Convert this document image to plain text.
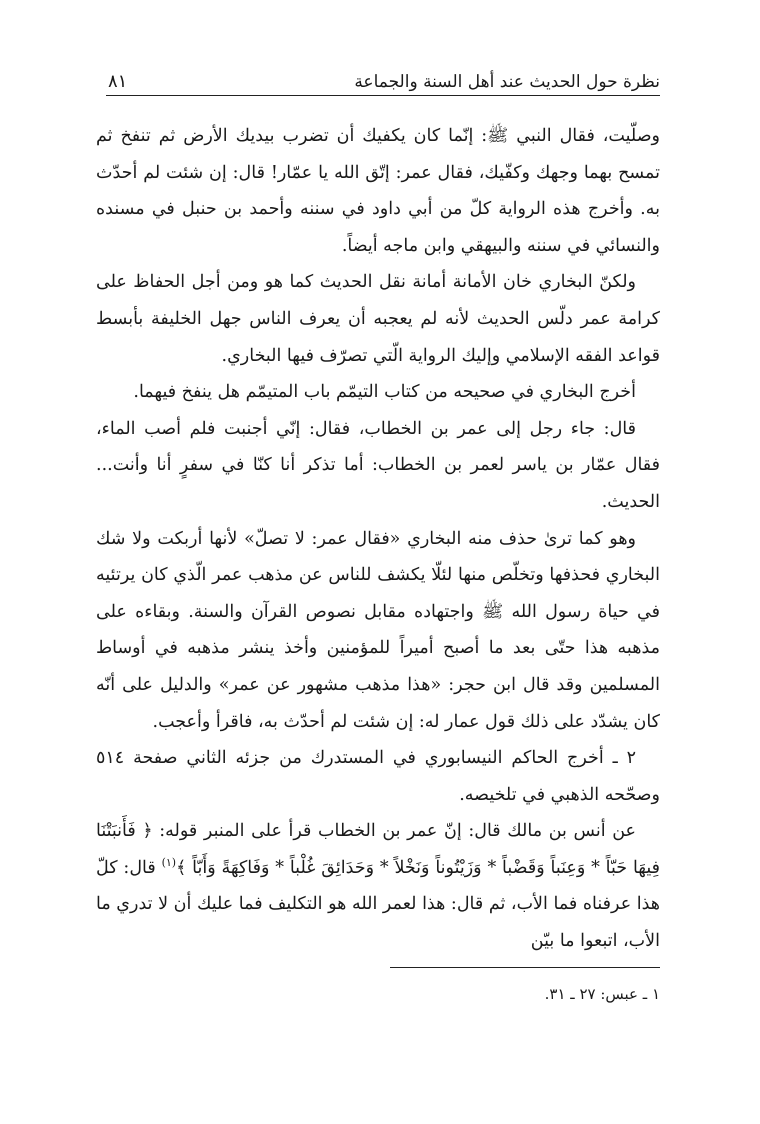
نظرة حول الحديث عند أهل السنة والجماعة
٨١

وصلّيت، فقال النبي ﷺ: إنّما كان يكفيك أن تضرب بيديك الأرض ثم تنفخ ثم تمسح بهما وجهك وكفّيك، فقال عمر: إتّق الله يا عمّار! قال: إن شئت لم أحدّث به. وأخرج هذه الرواية كلّ من أبي داود في سننه وأحمد بن حنبل في مسنده والنسائي في سننه والبيهقي وابن ماجه أيضاً.

ولكنّ البخاري خان الأمانة أمانة نقل الحديث كما هو ومن أجل الحفاظ على كرامة عمر دلّس الحديث لأنه لم يعجبه أن يعرف الناس جهل الخليفة بأبسط قواعد الفقه الإسلامي وإليك الرواية الّتي تصرّف فيها البخاري.

أخرج البخاري في صحيحه من كتاب التيمّم باب المتيمّم هل ينفخ فيهما.

قال: جاء رجل إلى عمر بن الخطاب، فقال: إنّي أجنبت فلم أصب الماء، فقال عمّار بن ياسر لعمر بن الخطاب: أما تذكر أنا كنّا في سفرٍ أنا وأنت... الحديث.

وهو كما ترىٰ حذف منه البخاري «فقال عمر: لا تصلّ» لأنها أربكت ولا شك البخاري فحذفها وتخلّص منها لئلّا يكشف للناس عن مذهب عمر الّذي كان يرتئيه في حياة رسول الله ﷺ واجتهاده مقابل نصوص القرآن والسنة. وبقاءه على مذهبه هذا حتّى بعد ما أصبح أميراً للمؤمنين وأخذ ينشر مذهبه في أوساط المسلمين وقد قال ابن حجر: «هذا مذهب مشهور عن عمر» والدليل على أنّه كان يشدّد على ذلك قول عمار له: إن شئت لم أحدّث به، فاقرأ وأعجب.

٢ ـ أخرج الحاكم النيسابوري في المستدرك من جزئه الثاني صفحة ٥١٤ وصحّحه الذهبي في تلخيصه.

عن أنس بن مالك قال: إنّ عمر بن الخطاب قرأ على المنبر قوله: ﴿ فَأَنبَتْنَا فِيهَا حَبّاً * وَعِنَباً وَقَضْباً * وَزَيْتُوناً وَنَخْلاً * وَحَدَائِقَ غُلْباً * وَفَاكِهَةً وَأَبّاً ﴾$^{(١)}$ قال: كلّ هذا عرفناه فما الأب، ثم قال: هذا لعمر الله هو التكليف فما عليك أن لا تدري ما الأب، اتبعوا ما بيّن

١ ـ عبس: ٢٧ ـ ٣١.
